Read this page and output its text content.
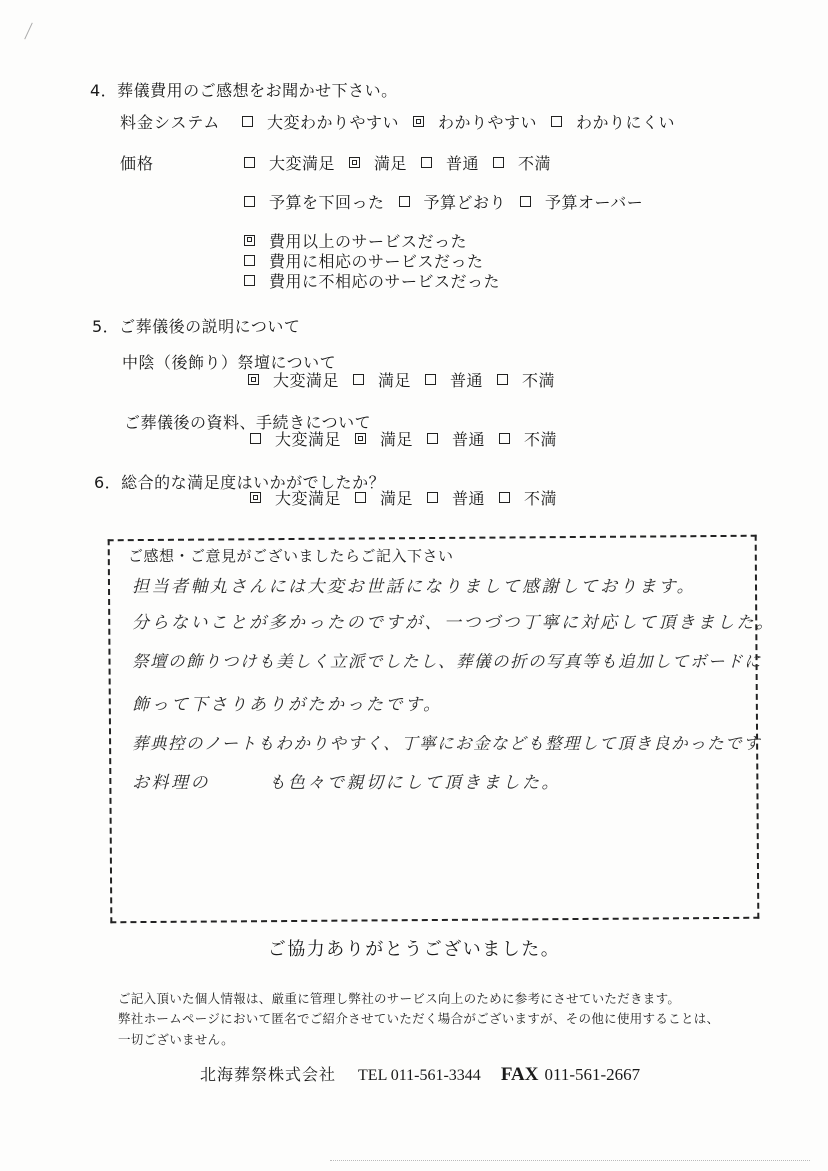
4．葬儀費用のご感想をお聞かせ下さい。
料金システム	大変わかりやすい わかりやすい わかりにくい
価格	大変満足 満足 普通 不満
予算を下回った 予算どおり 予算オーバー
費用以上のサービスだった
費用に相応のサービスだった
費用に不相応のサービスだった
5．ご葬儀後の説明について
中陰（後飾り）祭壇について
大変満足 満足 普通 不満
ご葬儀後の資料、手続きについて
大変満足 満足 普通 不満
6．総合的な満足度はいかがでしたか？
大変満足 満足 普通 不満
ご感想・ご意見がございましたらご記入下さい
担当者軸丸さんには大変お世話になりまして感謝しております。
分らないことが多かったのですが、一つづつ丁寧に対応して頂きました。
祭壇の飾りつけも美しく立派でしたし、葬儀の折の写真等も追加してボードに
飾って下さりありがたかったです。
葬典控のノートもわかりやすく、丁寧にお金なども整理して頂き良かったです
お料理の　　　も色々で親切にして頂きました。
ご協力ありがとうございました。
ご記入頂いた個人情報は、厳重に管理し弊社のサービス向上のために参考にさせていただきます。
弊社ホームページにおいて匿名でご紹介させていただく場合がございますが、その他に使用することは、
一切ございません。
北海葬祭株式会社 TEL 011-561-3344 FAX 011-561-2667
